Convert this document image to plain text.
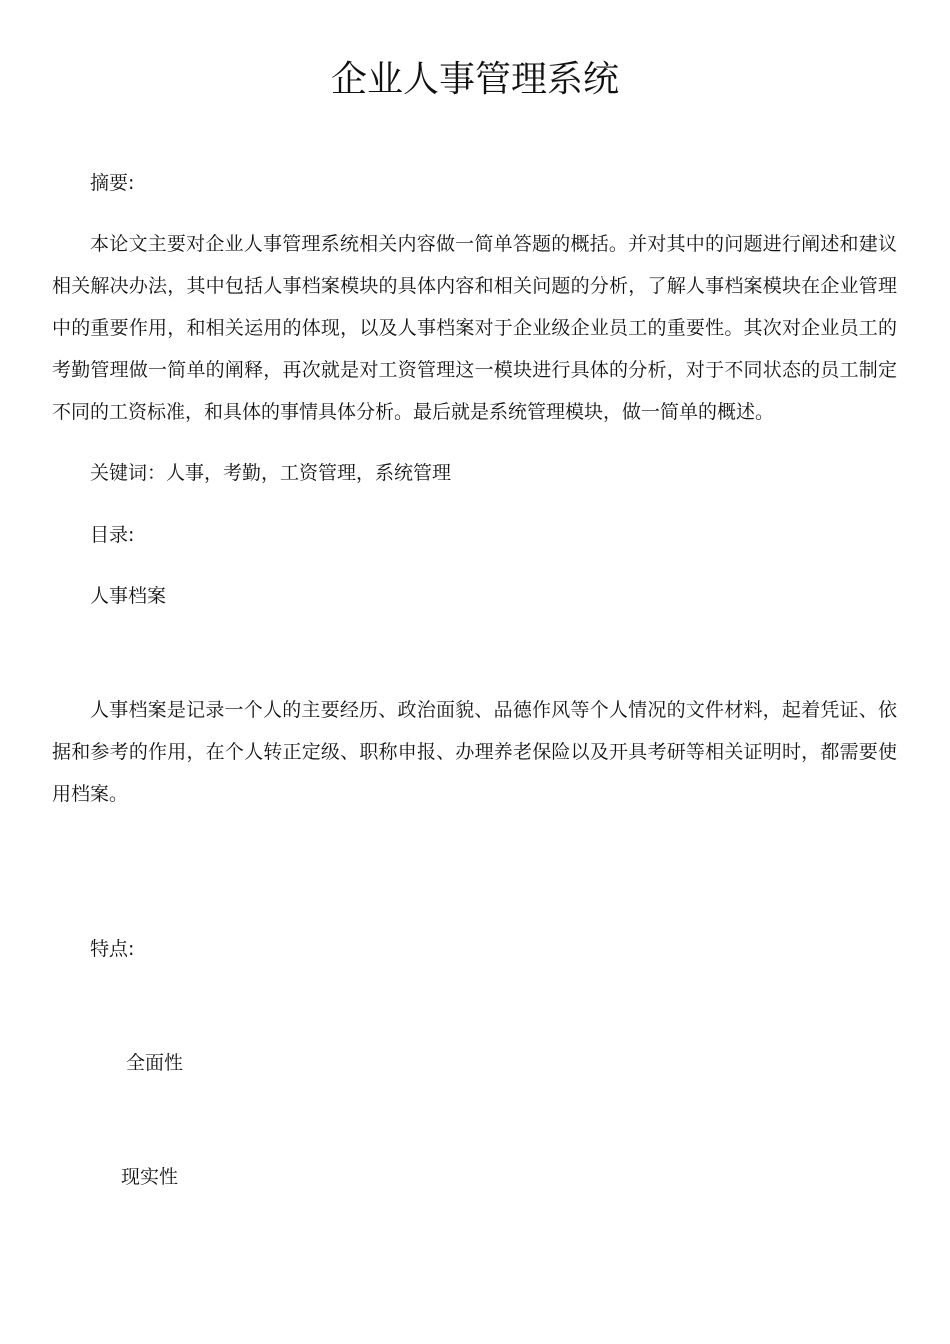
企业人事管理系统
摘要:
本论文主要对企业人事管理系统相关内容做一简单答题的概括。并对其中的问题进行阐述和建议相关解决办法，其中包括人事档案模块的具体内容和相关问题的分析，了解人事档案模块在企业管理中的重要作用，和相关运用的体现，以及人事档案对于企业级企业员工的重要性。其次对企业员工的考勤管理做一简单的阐释，再次就是对工资管理这一模块进行具体的分析，对于不同状态的员工制定不同的工资标准，和具体的事情具体分析。最后就是系统管理模块，做一简单的概述。
关键词：人事，考勤，工资管理，系统管理
目录:
人事档案
人事档案是记录一个人的主要经历、政治面貌、品德作风等个人情况的文件材料，起着凭证、依据和参考的作用，在个人转正定级、职称申报、办理养老保险以及开具考研等相关证明时，都需要使用档案。
特点:
全面性
现实性
